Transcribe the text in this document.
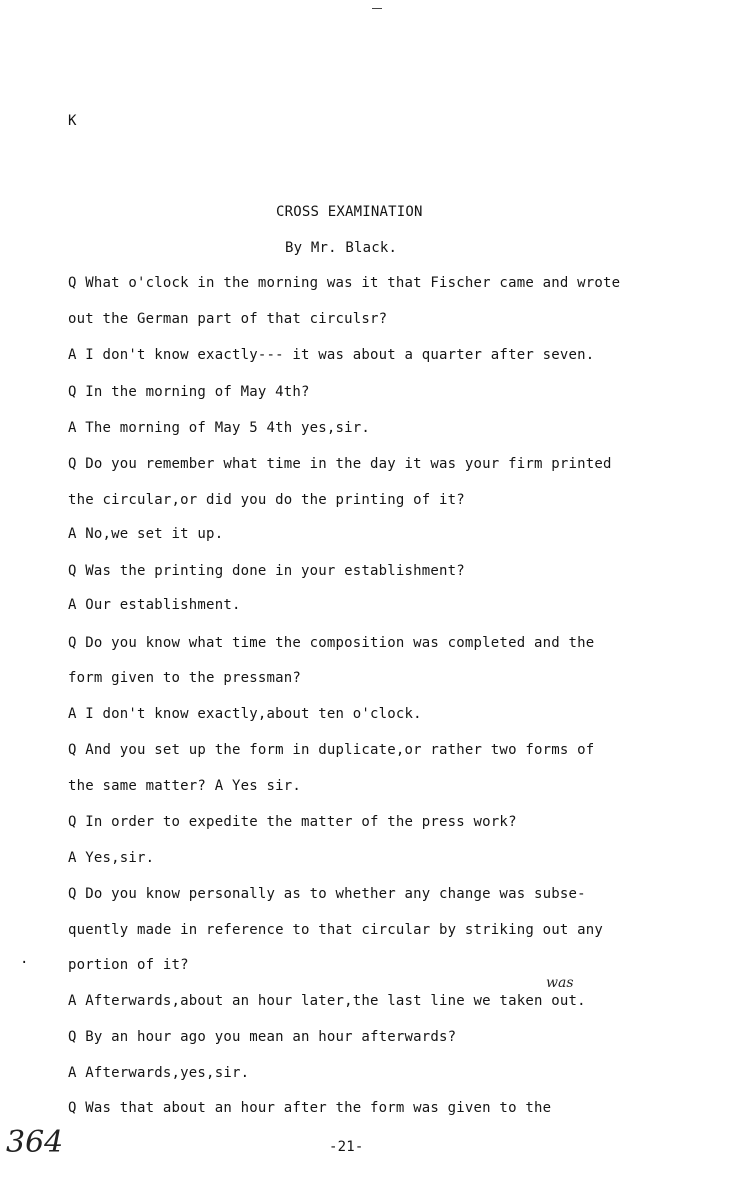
K
CROSS EXAMINATION
By Mr. Black.
Q What o'clock in the morning was it that Fischer came and wrote
out the German part of that circulsr?
A I don't know exactly--- it was about a quarter after seven.
Q In the morning of May 4th?
A The morning of May 5 4th yes,sir.
Q Do you remember what time in the day it was your firm printed
the circular,or did you do the printing of it?
A No,we set it up.
Q Was the printing done in your establishment?
A Our establishment.
Q Do you know what time the composition was completed and the
form given to the pressman?
A I don't know exactly,about ten o'clock.
Q And you set up the form in duplicate,or rather two forms of
the same matter? A Yes sir.
Q In order to expedite the matter of the press work?
A Yes,sir.
Q Do you know personally as to whether any change was subse-
quently made in reference to that circular by striking out any
portion of it?
A Afterwards,about an hour later,the last line we taken out.
was
Q By an hour ago you mean an hour afterwards?
A Afterwards,yes,sir.
Q Was that about an hour after the form was given to the
·
364	-21-
